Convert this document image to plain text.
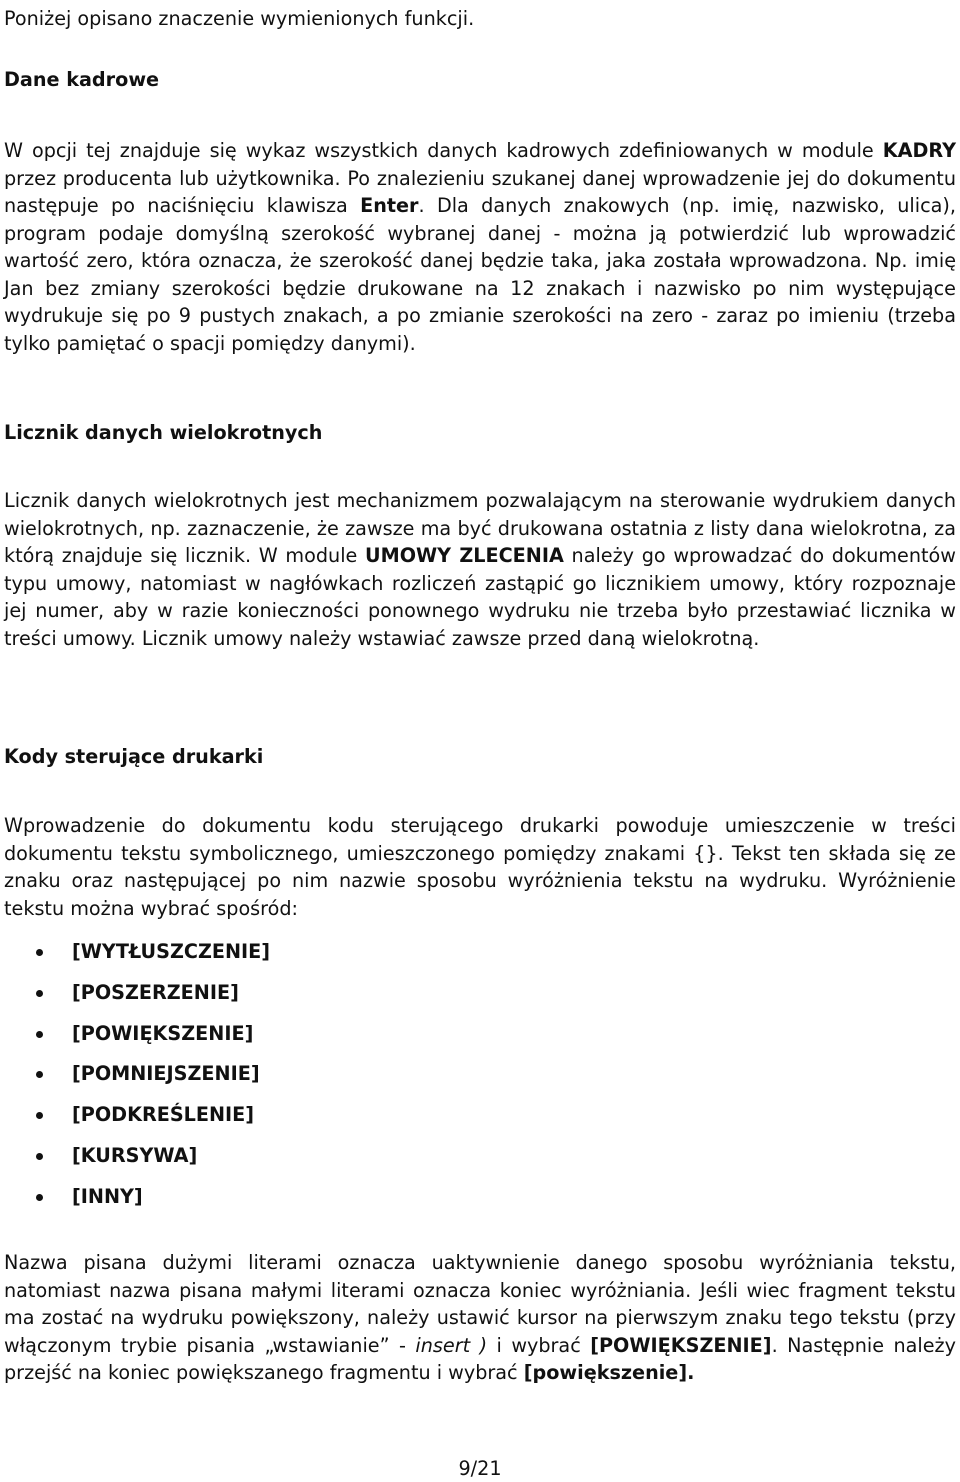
Poniżej opisano znaczenie wymienionych funkcji.

Dane kadrowe

W opcji tej znajduje się wykaz wszystkich danych kadrowych zdefiniowanych w module KADRY przez producenta lub użytkownika. Po znalezieniu szukanej danej wprowadzenie jej do dokumentu następuje po naciśnięciu klawisza Enter. Dla danych znakowych (np. imię, nazwisko, ulica), program podaje domyślną szerokość wybranej danej - można ją potwierdzić lub wprowadzić wartość zero, która oznacza, że szerokość danej będzie taka, jaka została wprowadzona. Np. imię Jan bez zmiany szerokości będzie drukowane na 12 znakach i nazwisko po nim występujące wydrukuje się po 9 pustych znakach, a po zmianie szerokości na zero - zaraz po imieniu (trzeba tylko pamiętać o spacji pomiędzy danymi).

Licznik danych wielokrotnych

Licznik danych wielokrotnych jest mechanizmem pozwalającym na sterowanie wydrukiem danych wielokrotnych, np. zaznaczenie, że zawsze ma być drukowana ostatnia z listy dana wielokrotna, za którą znajduje się licznik. W module UMOWY ZLECENIA należy go wprowadzać do dokumentów typu umowy, natomiast w nagłówkach rozliczeń zastąpić go licznikiem umowy, który rozpoznaje jej numer, aby w razie konieczności ponownego wydruku nie trzeba było przestawiać licznika w treści umowy. Licznik umowy należy wstawiać zawsze przed daną wielokrotną.

Kody sterujące drukarki

Wprowadzenie do dokumentu kodu sterującego drukarki powoduje umieszczenie w treści dokumentu tekstu symbolicznego, umieszczonego pomiędzy znakami {}. Tekst ten składa się ze znaku oraz następującej po nim nazwie sposobu wyróżnienia tekstu na wydruku. Wyróżnienie tekstu można wybrać spośród:

[WYTŁUSZCZENIE]
[POSZERZENIE]
[POWIĘKSZENIE]
[POMNIEJSZENIE]
[PODKREŚLENIE]
[KURSYWA]
[INNY]

Nazwa pisana dużymi literami oznacza uaktywnienie danego sposobu wyróżniania tekstu, natomiast nazwa pisana małymi literami oznacza koniec wyróżniania. Jeśli wiec fragment tekstu ma zostać na wydruku powiększony, należy ustawić kursor na pierwszym znaku tego tekstu (przy włączonym trybie pisania „wstawianie” - insert ) i wybrać [POWIĘKSZENIE]. Następnie należy przejść na koniec powiększanego fragmentu i wybrać [powiększenie].

9/21
